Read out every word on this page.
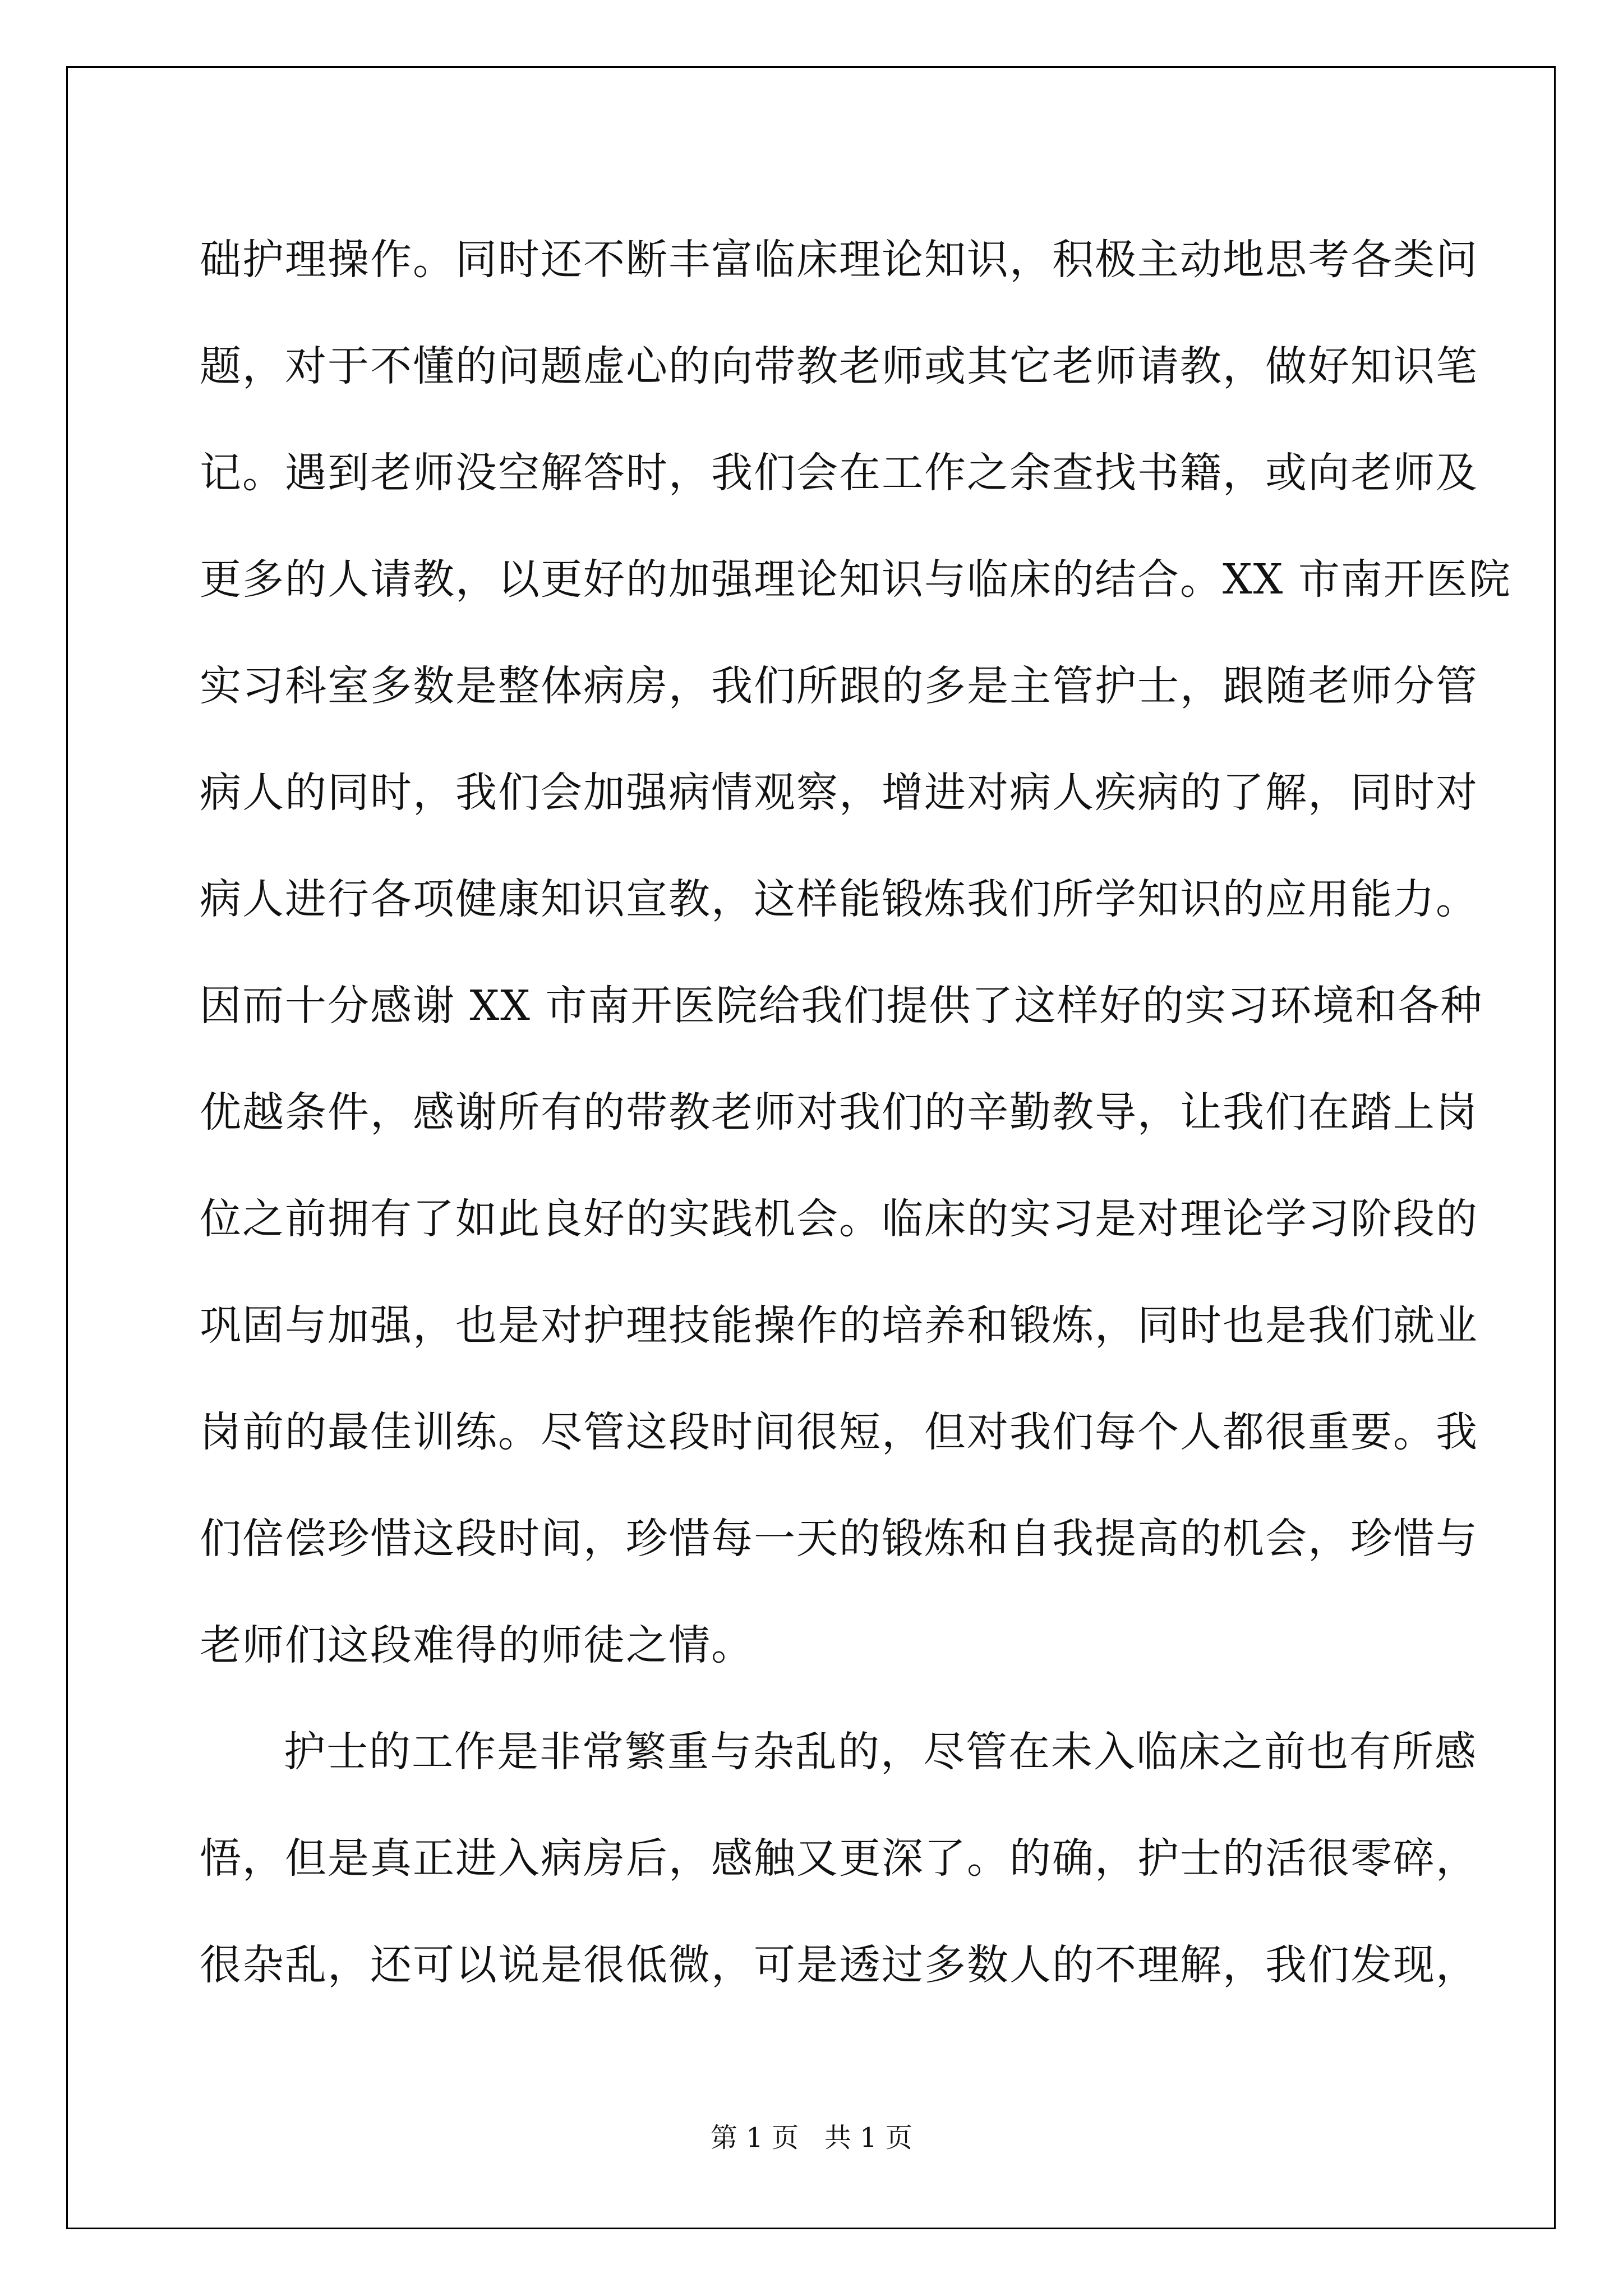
础护理操作。同时还不断丰富临床理论知识，积极主动地思考各类问
题，对于不懂的问题虚心的向带教老师或其它老师请教，做好知识笔
记。遇到老师没空解答时，我们会在工作之余查找书籍，或向老师及
更多的人请教，以更好的加强理论知识与临床的结合。XX 市南开医院
实习科室多数是整体病房，我们所跟的多是主管护士，跟随老师分管
病人的同时，我们会加强病情观察，增进对病人疾病的了解，同时对
病人进行各项健康知识宣教，这样能锻炼我们所学知识的应用能力。
因而十分感谢 XX 市南开医院给我们提供了这样好的实习环境和各种
优越条件，感谢所有的带教老师对我们的辛勤教导，让我们在踏上岗
位之前拥有了如此良好的实践机会。临床的实习是对理论学习阶段的
巩固与加强，也是对护理技能操作的培养和锻炼，同时也是我们就业
岗前的最佳训练。尽管这段时间很短，但对我们每个人都很重要。我
们倍偿珍惜这段时间，珍惜每一天的锻炼和自我提高的机会，珍惜与
老师们这段难得的师徒之情。
护士的工作是非常繁重与杂乱的，尽管在未入临床之前也有所感
悟，但是真正进入病房后，感触又更深了。的确，护士的活很零碎，
很杂乱，还可以说是很低微，可是透过多数人的不理解，我们发现，
第 1 页   共 1 页
